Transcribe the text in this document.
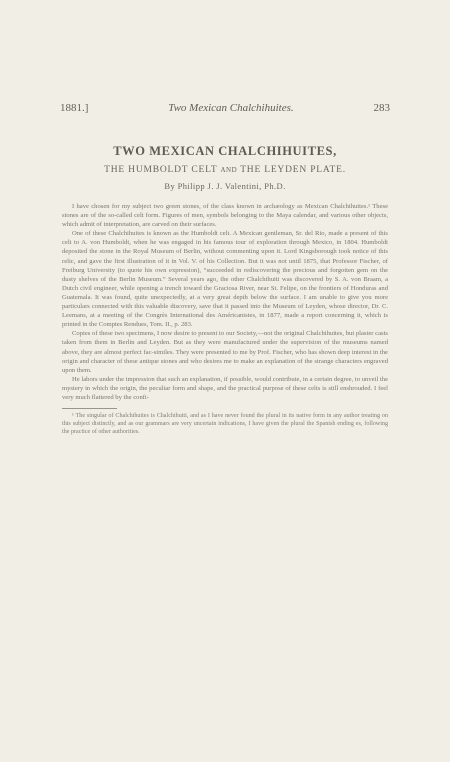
1881.]	Two Mexican Chalchihuites.	283
TWO MEXICAN CHALCHIHUITES,
THE HUMBOLDT CELT AND THE LEYDEN PLATE.
By Philipp J. J. Valentini, Ph.D.

I have chosen for my subject two green stones, of the class known in archæology as Mexican Chalchihuites.¹ These stones are of the so-called celt form. Figures of men, symbols belonging to the Maya calendar, and various other objects, which admit of interpretation, are carved on their surfaces.

One of these Chalchihuites is known as the Humboldt celt. A Mexican gentleman, Sr. del Rio, made a present of this celt to A. von Humboldt, when he was engaged in his famous tour of exploration through Mexico, in 1804. Humboldt deposited the stone in the Royal Museum of Berlin, without commenting upon it. Lord Kingsborough took notice of this relic, and gave the first illustration of it in Vol. V. of his Collection. But it was not until 1875, that Professor Fischer, of Freiburg University (to quote his own expression), “succeeded in rediscovering the precious and forgotten gem on the dusty shelves of the Berlin Museum.” Several years ago, the other Chalchihuiti was discovered by S. A. von Braam, a Dutch civil engineer, while opening a trench toward the Graciosa River, near St. Felipe, on the frontiers of Honduras and Guatemala. It was found, quite unexpectedly, at a very great depth below the surface. I am unable to give you more particulars connected with this valuable discovery, save that it passed into the Museum of Leyden, whose director, Dr. C. Leemans, at a meeting of the Congrès International des Américanistes, in 1877, made a report concerning it, which is printed in the Comptes Rendues, Tom. II., p. 283.

Copies of these two specimens, I now desire to present to our Society,—not the original Chalchihuites, but plaster casts taken from them in Berlin and Leyden. But as they were manufactured under the supervision of the museums named above, they are almost perfect fac-similes. They were presented to me by Prof. Fischer, who has shown deep interest in the origin and character of these antique stones and who desires me to make an explanation of the strange characters engraved upon them.

He labors under the impression that such an explanation, if possible, would contribute, in a certain degree, to unveil the mystery in which the origin, the peculiar form and shape, and the practical purpose of these celts is still enshrouded. I feel very much flattered by the confi-

¹ The singular of Chalchihuites is Chalchihuiti, and as I have never found the plural in its native form in any author treating on this subject distinctly, and as our grammars are very uncertain indications, I have given the plural the Spanish ending es, following the practice of other authorities.
